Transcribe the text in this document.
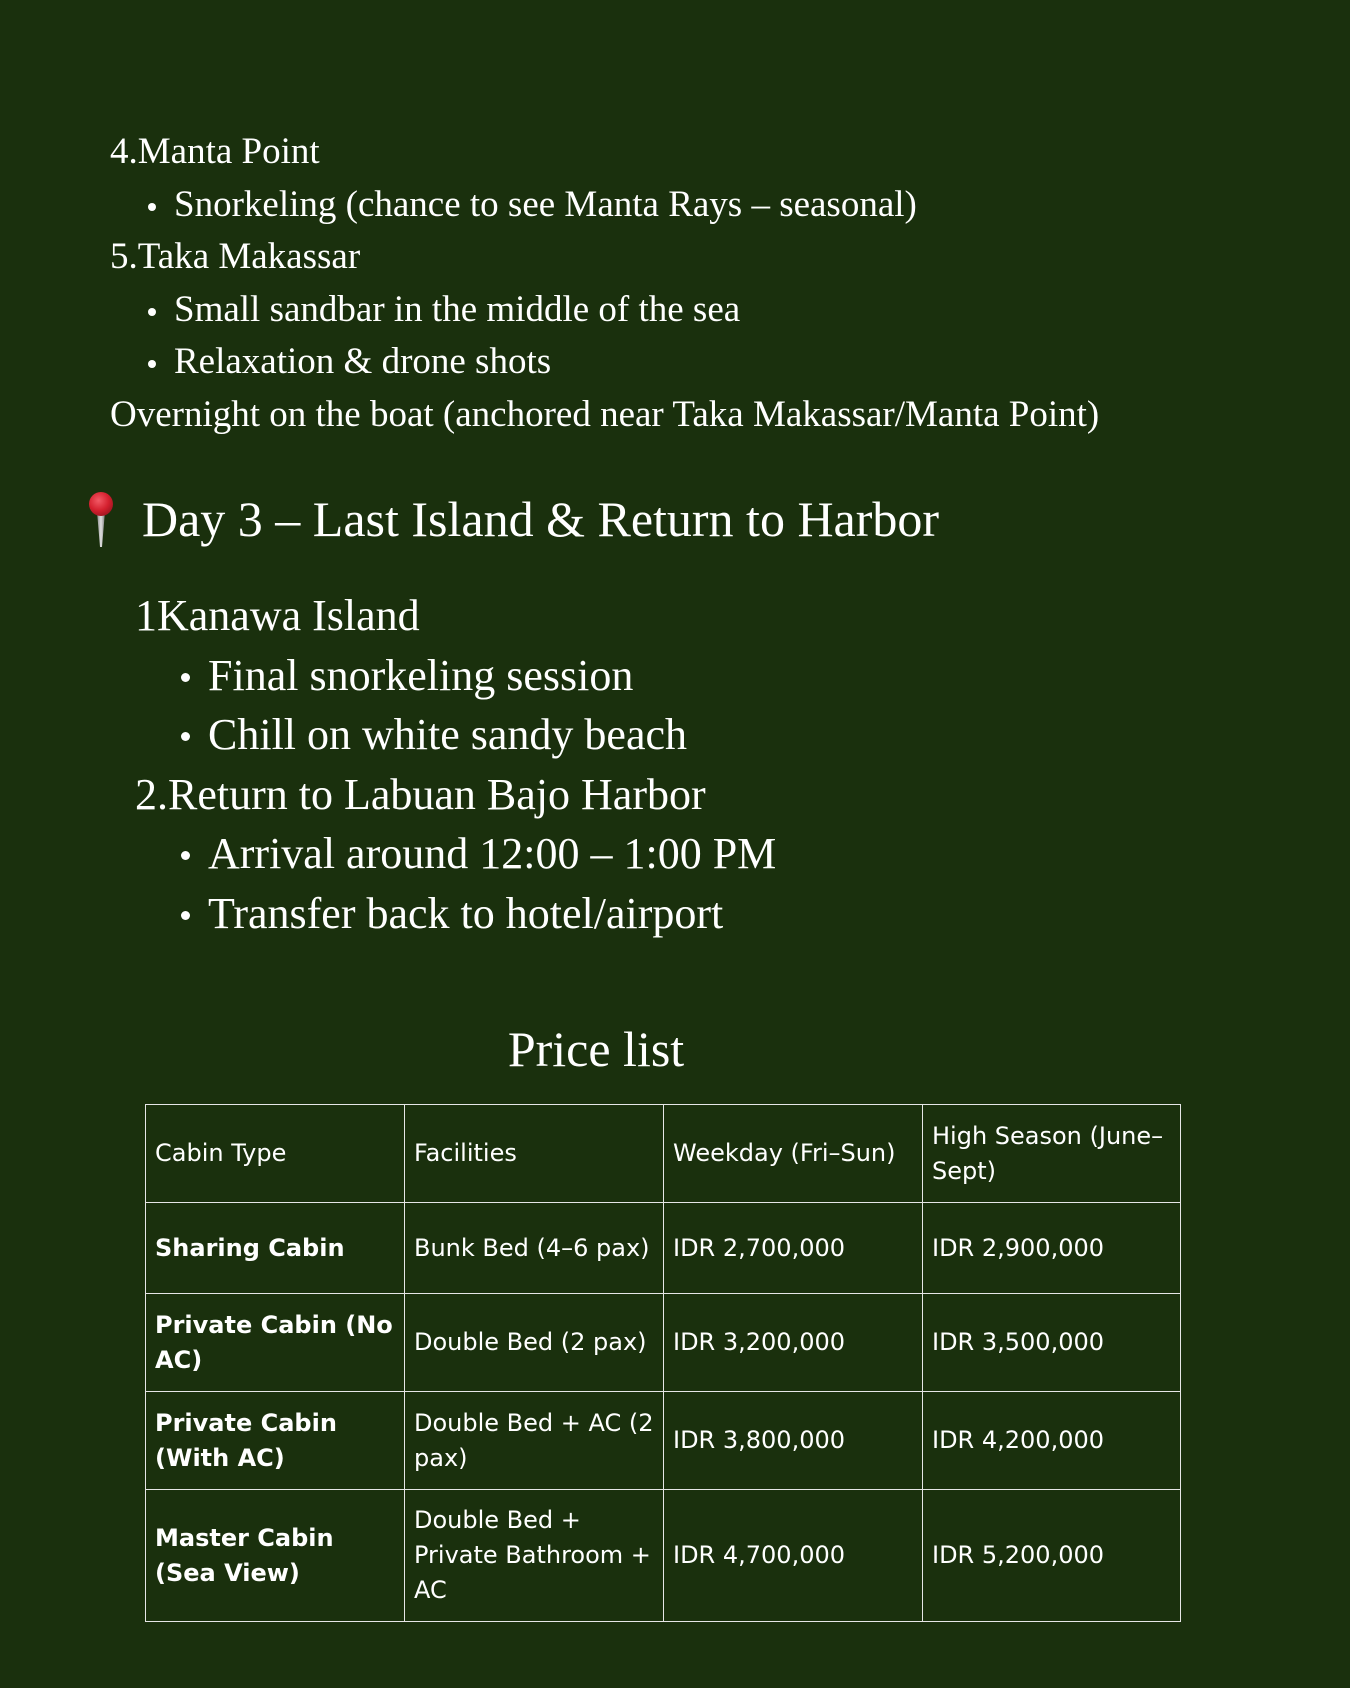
4.Manta Point

Snorkeling (chance to see Manta Rays – seasonal)

5.Taka Makassar

Small sandbar in the middle of the sea
Relaxation & drone shots

Overnight on the boat (anchored near Taka Makassar/Manta Point)

Day 3 – Last Island & Return to Harbor

1Kanawa Island

Final snorkeling session
Chill on white sandy beach

2.Return to Labuan Bajo Harbor

Arrival around 12:00 – 1:00 PM
Transfer back to hotel/airport
Price list
Cabin Type	Facilities	Weekday (Fri–Sun)	High Season (June–Sept)
Sharing Cabin	Bunk Bed (4–6 pax)	IDR 2,700,000	IDR 2,900,000
Private Cabin (No AC)	Double Bed (2 pax)	IDR 3,200,000	IDR 3,500,000
Private Cabin (With AC)	Double Bed + AC (2 pax)	IDR 3,800,000	IDR 4,200,000
Master Cabin (Sea View)	Double Bed + Private Bathroom + AC	IDR 4,700,000	IDR 5,200,000
